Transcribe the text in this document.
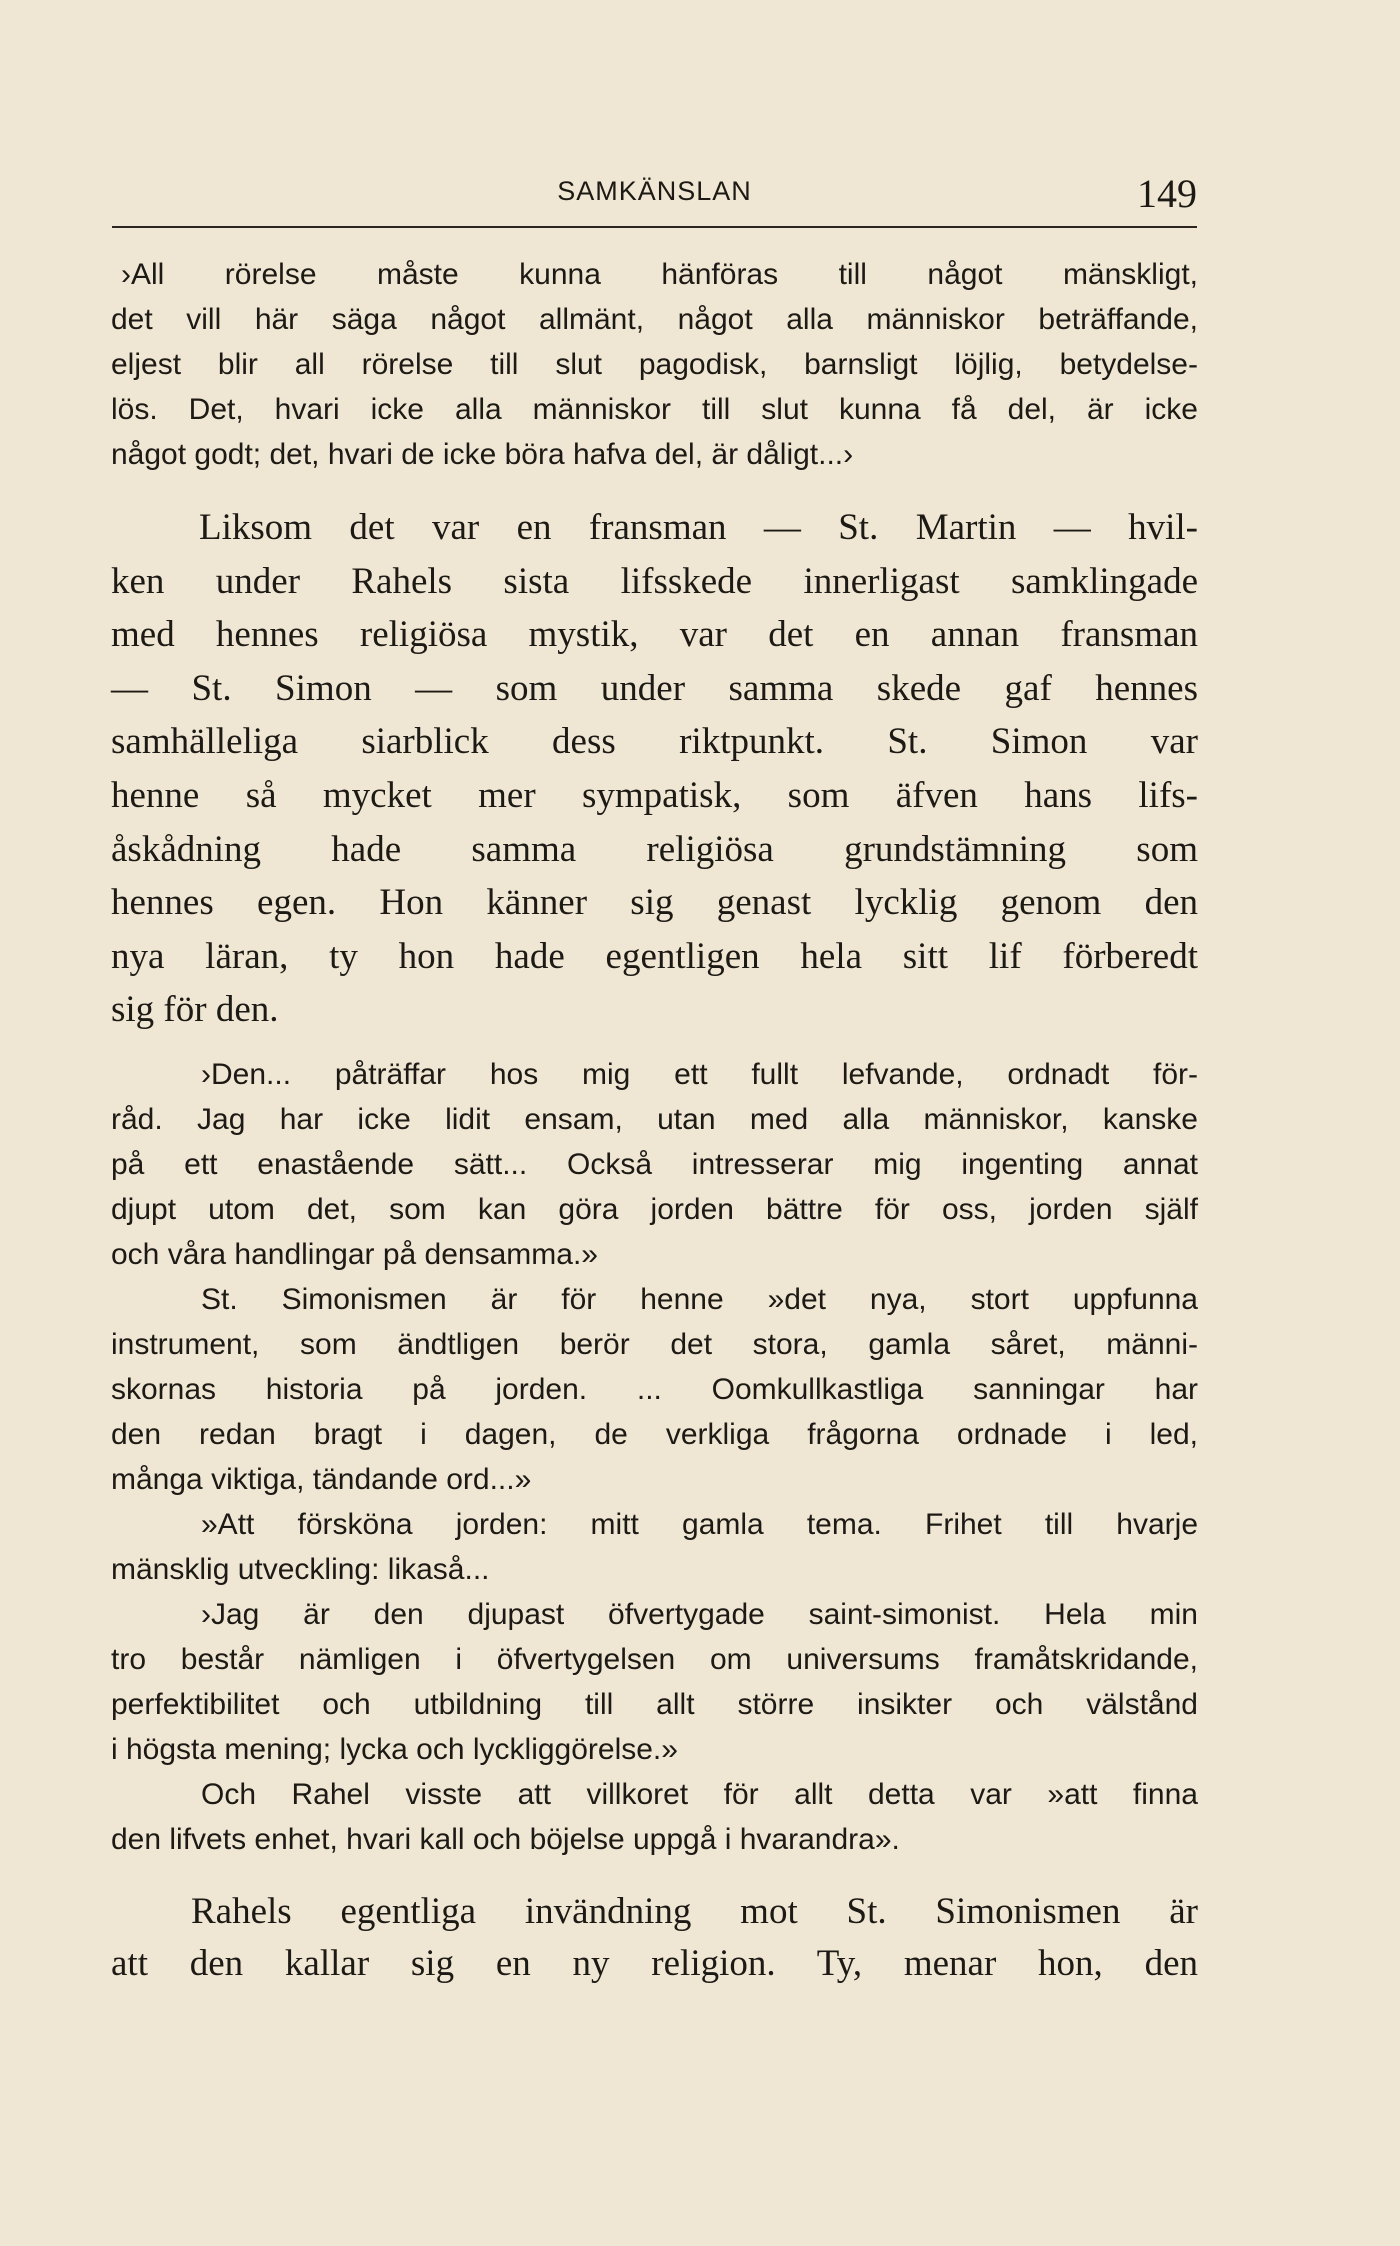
SAMKÄNSLAN	149
›All rörelse måste kunna hänföras till något mänskligt,
det vill här säga något allmänt, något alla människor beträffande,
eljest blir all rörelse till slut pagodisk, barnsligt löjlig, betydelse-
lös. Det, hvari icke alla människor till slut kunna få del, är icke
något godt; det, hvari de icke böra hafva del, är dåligt...›
Liksom det var en fransman — St. Martin — hvil-
ken under Rahels sista lifsskede innerligast samklingade
med hennes religiösa mystik, var det en annan fransman
— St. Simon — som under samma skede gaf hennes
samhälleliga siarblick dess riktpunkt. St. Simon var
henne så mycket mer sympatisk, som äfven hans lifs-
åskådning hade samma religiösa grundstämning som
hennes egen. Hon känner sig genast lycklig genom den
nya läran, ty hon hade egentligen hela sitt lif förberedt
sig för den.
›Den... påträffar hos mig ett fullt lefvande, ordnadt för-
råd. Jag har icke lidit ensam, utan med alla människor, kanske
på ett enastående sätt... Också intresserar mig ingenting annat
djupt utom det, som kan göra jorden bättre för oss, jorden själf
och våra handlingar på densamma.»
St. Simonismen är för henne »det nya, stort uppfunna
instrument, som ändtligen berör det stora, gamla såret, männi-
skornas historia på jorden. ... Oomkullkastliga sanningar har
den redan bragt i dagen, de verkliga frågorna ordnade i led,
många viktiga, tändande ord...»
»Att försköna jorden: mitt gamla tema. Frihet till hvarje
mänsklig utveckling: likaså...
›Jag är den djupast öfvertygade saint-simonist. Hela min
tro består nämligen i öfvertygelsen om universums framåtskridande,
perfektibilitet och utbildning till allt större insikter och välstånd
i högsta mening; lycka och lyckliggörelse.»
Och Rahel visste att villkoret för allt detta var »att finna
den lifvets enhet, hvari kall och böjelse uppgå i hvarandra».
Rahels egentliga invändning mot St. Simonismen är
att den kallar sig en ny religion. Ty, menar hon, den
